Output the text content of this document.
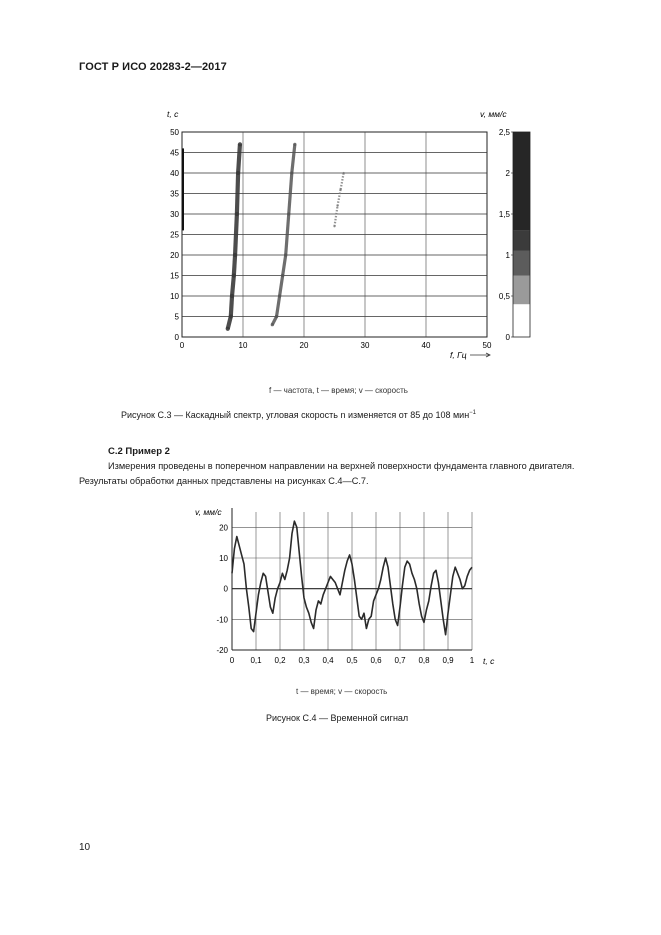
ГОСТ Р ИСО 20283-2—2017
0
5
10
15
20
25
30
35
40
45
50
0	10	20	30	40	50
t, с
f, Гц
0
0,5
1
1,5
2
2,5
v, мм/с
f — частота, t — время; v — скорость
Рисунок С.3 — Каскадный спектр, угловая скорость n изменяется от 85 до 108 мин$^{-1}$
С.2 Пример 2
Измерения проведены в поперечном направлении на верхней поверхности фундамента главного двигателя.
Результаты обработки данных представлены на рисунках С.4—С.7.
-20
-10
0
10
20
0 0,1 0,2 0,3 0,4 0,5 0,6 0,7 0,8 0,9 1
v, мм/с
t, с
t — время; v — скорость
Рисунок С.4 — Временной сигнал
10
